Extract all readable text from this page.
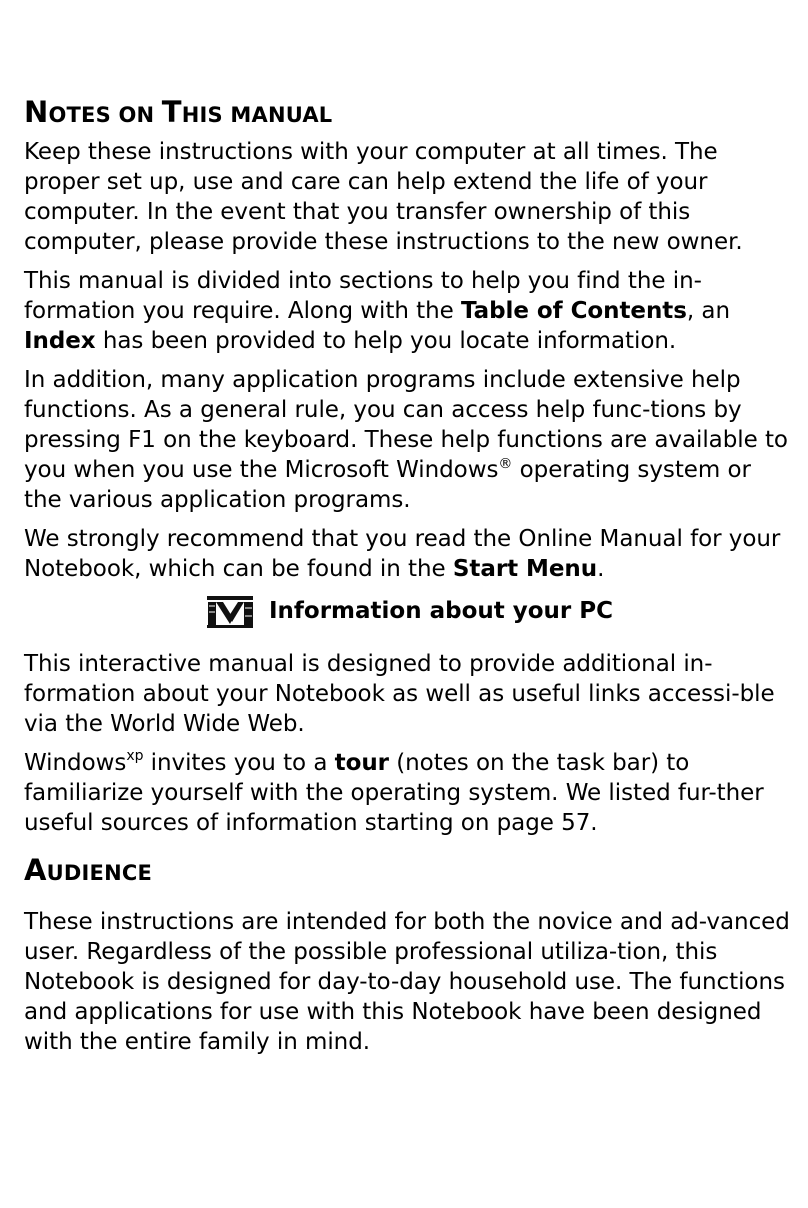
NOTES ON THIS MANUAL

Keep these instructions with your computer at all times. The proper set up, use and care can help extend the life of your computer. In the event that you transfer ownership of this computer, please provide these instructions to the new owner.

This manual is divided into sections to help you find the in-formation you require. Along with the Table of Contents, an Index has been provided to help you locate information.

In addition, many application programs include extensive help functions. As a general rule, you can access help func-tions by pressing F1 on the keyboard. These help functions are available to you when you use the Microsoft Windows® operating system or the various application programs.

We strongly recommend that you read the Online Manual for your Notebook, which can be found in the Start Menu.

Information about your PC

This interactive manual is designed to provide additional in-formation about your Notebook as well as useful links accessi-ble via the World Wide Web.

Windows$^{xp}$ invites you to a tour (notes on the task bar) to familiarize yourself with the operating system. We listed fur-ther useful sources of information starting on page 57.

AUDIENCE

These instructions are intended for both the novice and ad-vanced user. Regardless of the possible professional utiliza-tion, this Notebook is designed for day-to-day household use. The functions and applications for use with this Notebook have been designed with the entire family in mind.
